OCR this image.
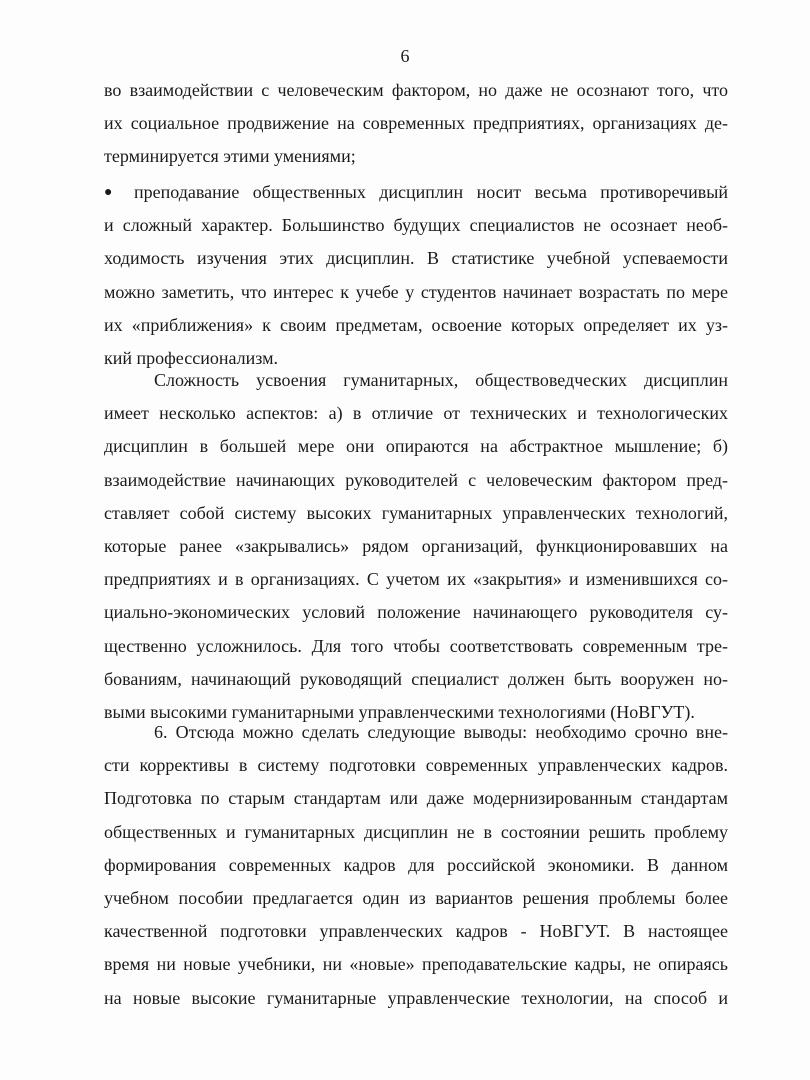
6
во взаимодействии с человеческим фактором, но даже не осознают того, что
их социальное продвижение на современных предприятиях, организациях де-
терминируется этими умениями;
● преподавание общественных дисциплин носит весьма противоречивый
и сложный характер. Большинство будущих специалистов не осознает необ-
ходимость изучения этих дисциплин. В статистике учебной успеваемости
можно заметить, что интерес к учебе у студентов начинает возрастать по мере
их «приближения» к своим предметам, освоение которых определяет их уз-
кий профессионализм.
Сложность усвоения гуманитарных, обществоведческих дисциплин
имеет несколько аспектов: а) в отличие от технических и технологических
дисциплин в большей мере они опираются на абстрактное мышление; б)
взаимодействие начинающих руководителей с человеческим фактором пред-
ставляет собой систему высоких гуманитарных управленческих технологий,
которые ранее «закрывались» рядом организаций, функционировавших на
предприятиях и в организациях. С учетом их «закрытия» и изменившихся со-
циально-экономических условий положение начинающего руководителя су-
щественно усложнилось. Для того чтобы соответствовать современным тре-
бованиям, начинающий руководящий специалист должен быть вооружен но-
выми высокими гуманитарными управленческими технологиями (НоВГУТ).
6. Отсюда можно сделать следующие выводы: необходимо срочно вне-
сти коррективы в систему подготовки современных управленческих кадров.
Подготовка по старым стандартам или даже модернизированным стандартам
общественных и гуманитарных дисциплин не в состоянии решить проблему
формирования современных кадров для российской экономики. В данном
учебном пособии предлагается один из вариантов решения проблемы более
качественной подготовки управленческих кадров - НоВГУТ. В настоящее
время ни новые учебники, ни «новые» преподавательские кадры, не опираясь
на новые высокие гуманитарные управленческие технологии, на способ и
